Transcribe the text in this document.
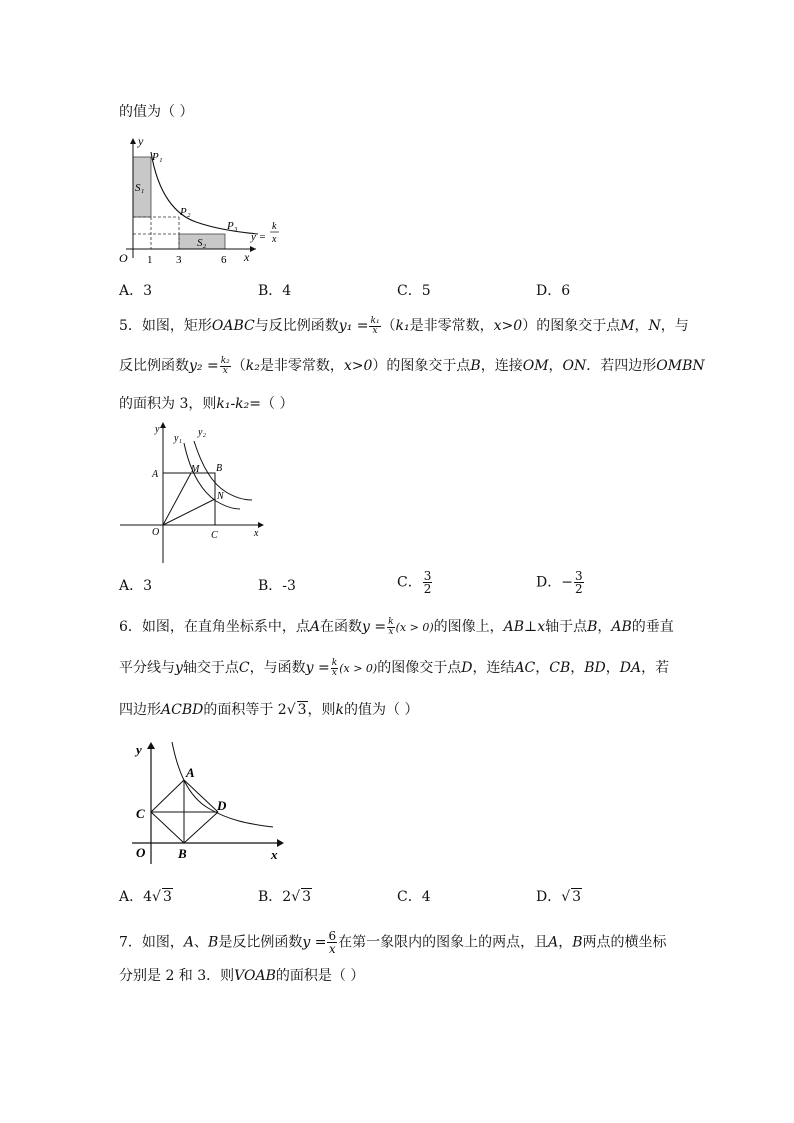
的值为（ ）
y
O	x
1 3	6
P₁
P₂
P₃
S₁
S₂	y =
k
x
A．3	B．4	C．5	D．6
5．如图，矩形OABC与反比例函数$y_1 = \frac{\text{k₁}}{x} (k_1$是非零常数，x>0）的图象交于点M，N，与
反比例函数$y_2 = \frac{\text{k₂}}{x} (k_2$是非零常数，x>0）的图象交于点B，连接OM，ON．若四边形OMBN
的面积为 3，则k₁-k₂=（ ）
y
y₁
y₂
A	M B
N
O	C	x
A．3	B．-3	C． $\frac{3}{2}$	D．− $\frac{3}{2}$
6．如图，在直角坐标系中，点A在函数$y = \frac{k}{x} (x > 0)$的图像上，AB⊥x轴于点B，AB的垂直
平分线与y轴交于点C，与函数$y = \frac{k}{x} (x > 0)$的图像交于点D，连结AC，CB，BD，DA，若
四边形ACBD的面积等于 2√ 3，则k的值为（ ）
y
A
C
D
O	B	x
A．4√ 3	B．2√ 3	C．4	D．√ 3
7．如图，A、B是反比例函数$y = \frac{6}{x}$ 在第一象限内的图象上的两点，且A，B两点的横坐标
分别是 2 和 3．则VOAB的面积是（ ）
